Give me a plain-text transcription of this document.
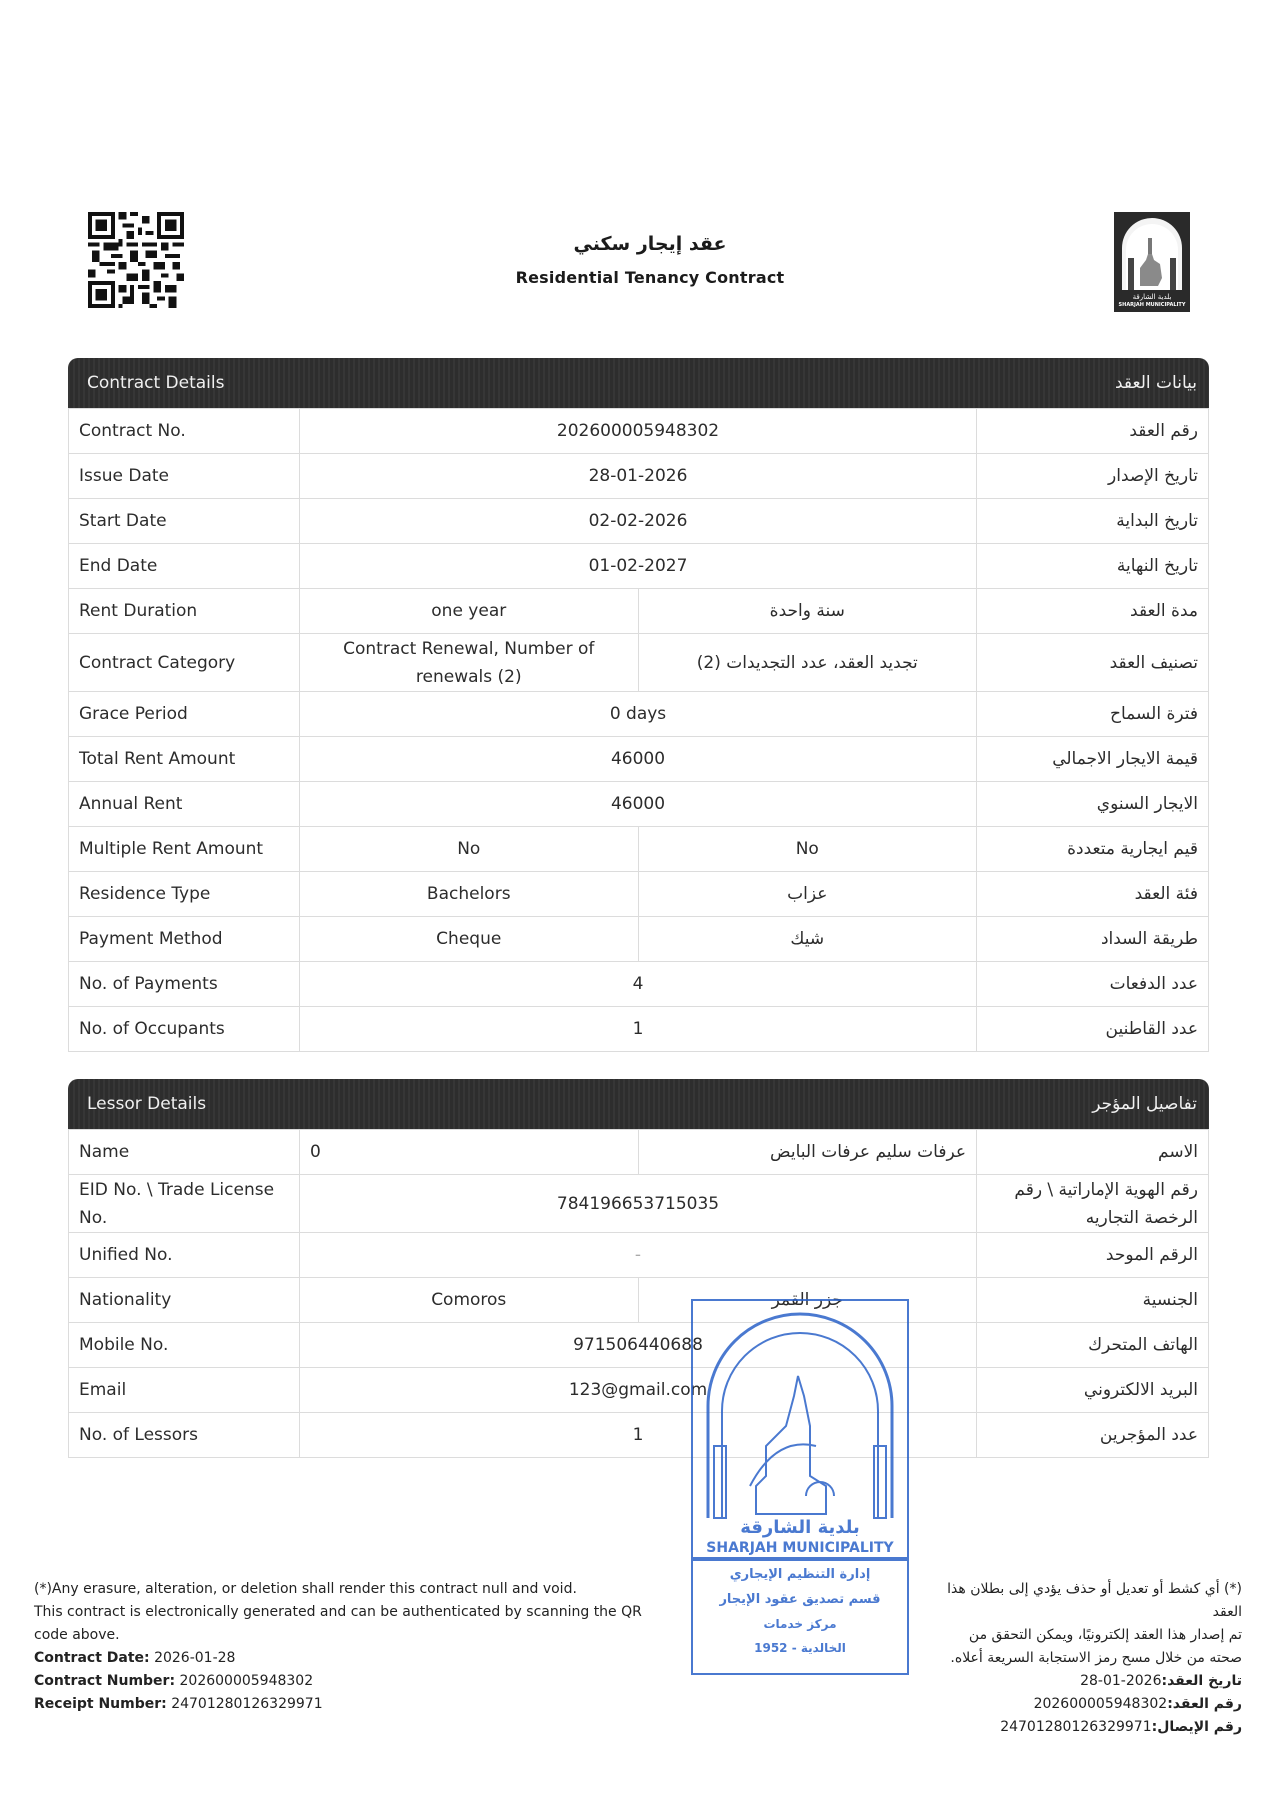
بلدية الشارقة
SHARJAH MUNICIPALITY
عقد إيجار سكني
Residential Tenancy Contract
Contract Details	بيانات العقد
Contract No.	202600005948302		رقم العقد
Issue Date	28-01-2026		تاريخ الإصدار
Start Date	02-02-2026		تاريخ البداية
End Date	01-02-2027		تاريخ النهاية
Rent Duration	one year	سنة واحدة	مدة العقد
Contract Category	Contract Renewal, Number of renewals (2)	تجديد العقد، عدد التجديدات (2)	تصنيف العقد
Grace Period	0 days		فترة السماح
Total Rent Amount	46000		قيمة الايجار الاجمالي
Annual Rent	46000		الايجار السنوي
Multiple Rent Amount	No	No	قيم ايجارية متعددة
Residence Type	Bachelors	عزاب	فئة العقد
Payment Method	Cheque	شيك	طريقة السداد
No. of Payments	4		عدد الدفعات
No. of Occupants	1		عدد القاطنين
Lessor Details	تفاصيل المؤجر
Name	0	عرفات سليم عرفات البايض	الاسم
EID No. \ Trade License No.	784196653715035		رقم الهوية الإماراتية \ رقم الرخصة التجاريه
Unified No.	-		الرقم الموحد
Nationality	Comoros	جزر القمر	الجنسية
Mobile No.	971506440688		الهاتف المتحرك
Email	123@gmail.com		البريد الالكتروني
No. of Lessors	1		عدد المؤجرين
(*)Any erasure, alteration, or deletion shall render this contract null and void.
This contract is electronically generated and can be authenticated by scanning the QR code above.
Contract Date: 2026-01-28
Contract Number: 202600005948302
Receipt Number: 24701280126329971
(*) أي كشط أو تعديل أو حذف يؤدي إلى بطلان هذا العقد
تم إصدار هذا العقد إلكترونيًا، ويمكن التحقق من صحته من خلال مسح رمز الاستجابة السريعة أعلاه.
تاريخ العقد:2026-01-28
رقم العقد:202600005948302
رقم الإيصال:24701280126329971
بلدية الشارقة
SHARJAH MUNICIPALITY
إدارة التنظيم الإيجاري
قسم تصديق عقود الإيجار
مركز خدمات
الخالدية - 1952
